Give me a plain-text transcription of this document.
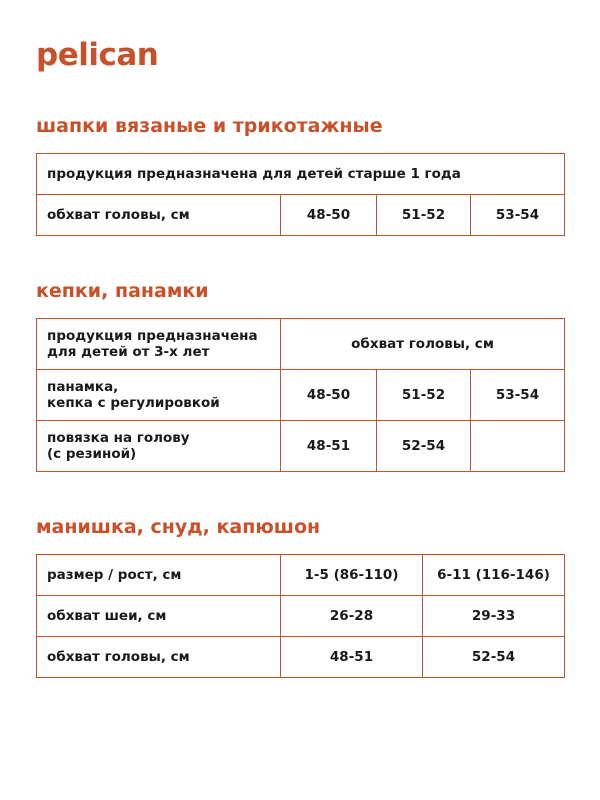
pelican
шапки вязаные и трикотажные
продукция предназначена для детей старше 1 года
обхват головы, см	48-50	51-52	53-54
кепки, панамки
продукция предназначена
для детей от 3-х лет	обхват головы, см		

панамка,
кепка с регулировкой	48-50	51-52	53-54

повязка на голову
(с резиной)	48-51	52-54	
манишка, снуд, капюшон
размер / рост, см	1-5 (86-110)	6-11 (116-146)
обхват шеи, см	26-28	29-33
обхват головы, см	48-51	52-54
